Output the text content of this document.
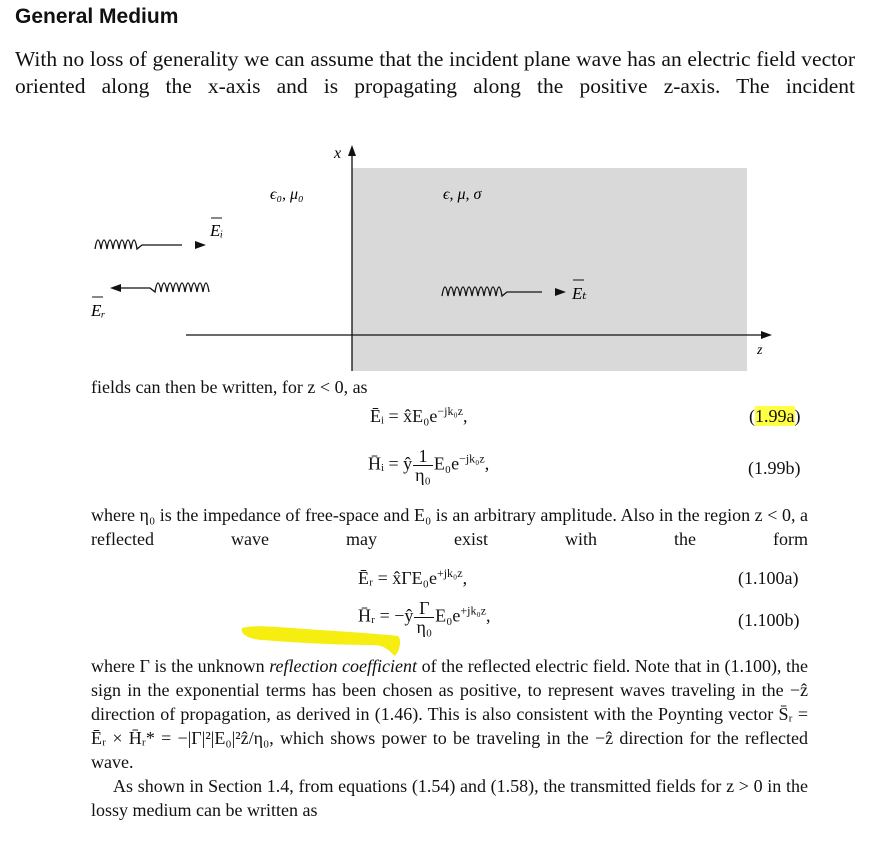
General Medium
With no loss of generality we can assume that the incident plane wave has an electric field vector oriented along the x-axis and is propagating along the positive z-axis. The incident
x
z
ϵ₀, μ₀	ϵ, μ, σ
Eᵢ
Eᵣ
Eₜ
fields can then be written, for z < 0, as
Ēᵢ = $x̂E_0e^{-jk_0z}$,	(1.99a)
H̄ᵢ = ŷ $\frac{1}{\text{η₀}} E_0e^{-jk_0z}$,	(1.99b)
where η₀ is the impedance of free-space and E₀ is an arbitrary amplitude. Also in the region z < 0, a reflected wave may exist with the form
Ēᵣ = $x̂\Gamma E_0e^{+jk_0z}$,	(1.100a)
H̄ᵣ = −ŷ $\frac{\Gamma}{\text{η₀}} E_0e^{+jk_0z}$,	(1.100b)
where Γ is the unknown reflection coefficient of the reflected electric field. Note that in (1.100), the sign in the exponential terms has been chosen as positive, to represent waves traveling in the −ẑ direction of propagation, as derived in (1.46). This is also consistent with the Poynting vector S̄ᵣ = Ēᵣ × H̄ᵣ* = −|Γ|²|E₀|²ẑ/η₀, which shows power to be traveling in the −ẑ direction for the reflected wave.
As shown in Section 1.4, from equations (1.54) and (1.58), the transmitted fields for z > 0 in the lossy medium can be written as
